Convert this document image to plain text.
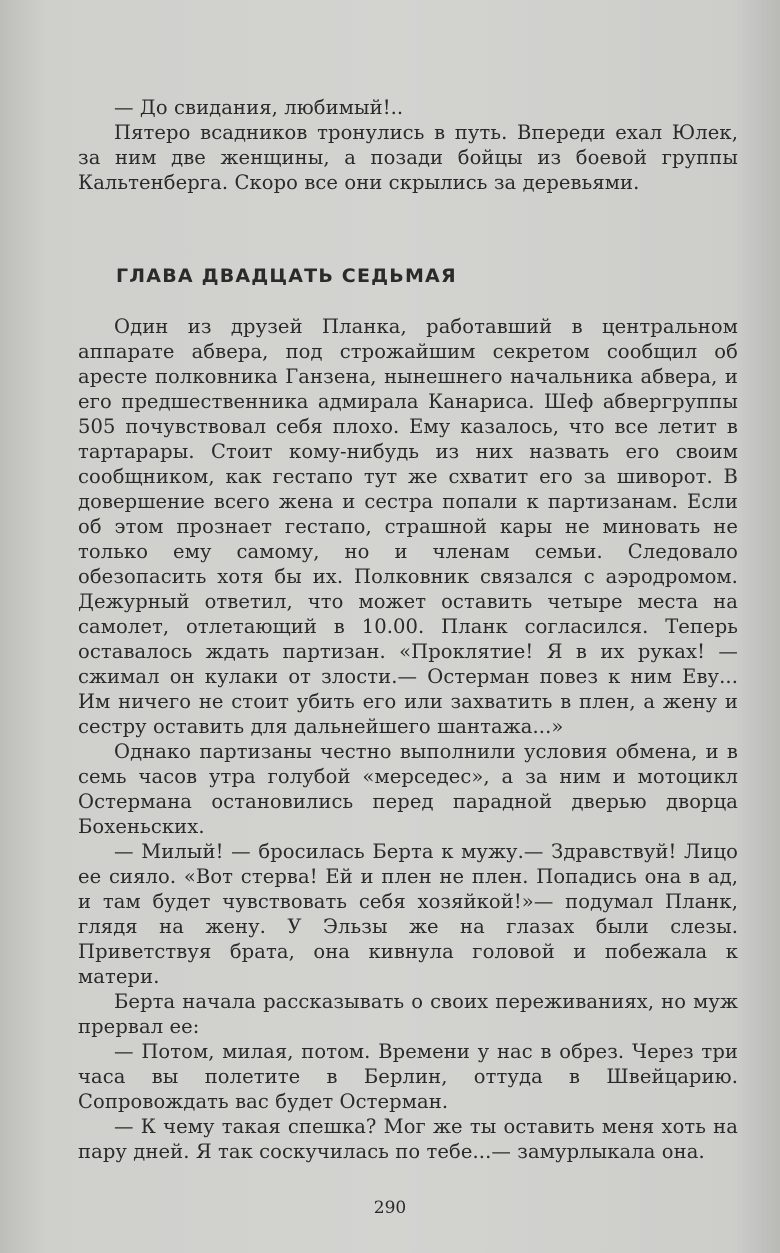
— До свидания, любимый!..

Пятеро всадников тронулись в путь. Впереди ехал Юлек, за ним две женщины, а позади бойцы из боевой группы Кальтенберга. Скоро все они скрылись за деревьями.

ГЛАВА ДВАДЦАТЬ СЕДЬМАЯ

Один из друзей Планка, работавший в центральном аппарате абвера, под строжайшим секретом сообщил об аресте полковника Ганзена, нынешнего начальника абвера, и его предшественника адмирала Канариса. Шеф абвергруппы 505 почувствовал себя плохо. Ему казалось, что все летит в тартарары. Стоит кому-нибудь из них назвать его своим сообщником, как гестапо тут же схватит его за шиворот. В довершение всего жена и сестра попали к партизанам. Если об этом прознает гестапо, страшной кары не миновать не только ему самому, но и членам семьи. Следовало обезопасить хотя бы их. Полковник связался с аэродромом. Дежурный ответил, что может оставить четыре места на самолет, отлетающий в 10.00. Планк согласился. Теперь оставалось ждать партизан. «Проклятие! Я в их руках! — сжимал он кулаки от злости.— Остерман повез к ним Еву... Им ничего не стоит убить его или захватить в плен, а жену и сестру оставить для дальнейшего шантажа...»

Однако партизаны честно выполнили условия обмена, и в семь часов утра голубой «мерседес», а за ним и мотоцикл Остермана остановились перед парадной дверью дворца Бохеньских.

— Милый! — бросилась Берта к мужу.— Здравствуй! Лицо ее сияло. «Вот стерва! Ей и плен не плен. Попадись она в ад, и там будет чувствовать себя хозяйкой!»— подумал Планк, глядя на жену. У Эльзы же на глазах были слезы. Приветствуя брата, она кивнула головой и побежала к матери.

Берта начала рассказывать о своих переживаниях, но муж прервал ее:

— Потом, милая, потом. Времени у нас в обрез. Через три часа вы полетите в Берлин, оттуда в Швейцарию. Сопровождать вас будет Остерман.

— К чему такая спешка? Мог же ты оставить меня хоть на пару дней. Я так соскучилась по тебе...— замурлыкала она.

290
